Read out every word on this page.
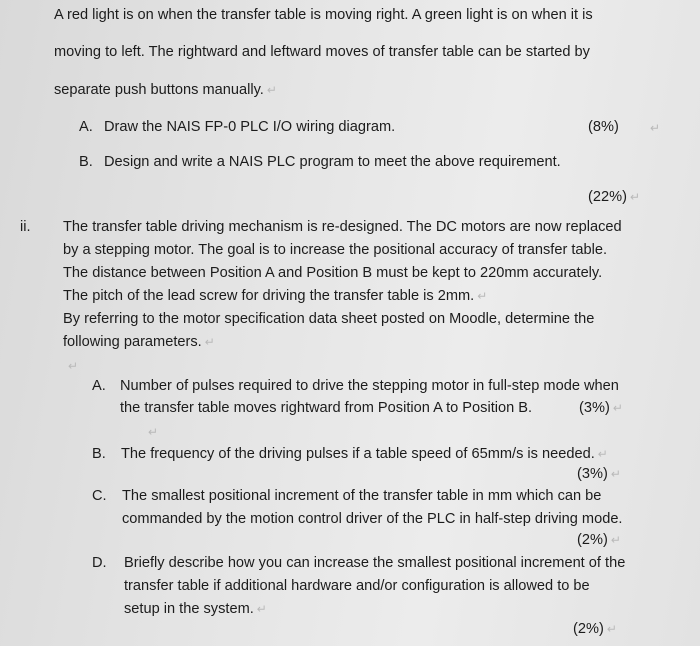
A red light is on when the transfer table is moving right. A green light is on when it is
moving to left. The rightward and leftward moves of transfer table can be started by
separate push buttons manually. ↵
A. Draw the NAIS FP-0 PLC I/O wiring diagram.	(8%)	↵
B. Design and write a NAIS PLC program to meet the above requirement.
(22%) ↵
ii. The transfer table driving mechanism is re-designed. The DC motors are now replaced
by a stepping motor. The goal is to increase the positional accuracy of transfer table.
The distance between Position A and Position B must be kept to 220mm accurately.
The pitch of the lead screw for driving the transfer table is 2mm. ↵
By referring to the motor specification data sheet posted on Moodle, determine the
following parameters. ↵
↵
A. Number of pulses required to drive the stepping motor in full-step mode when
the transfer table moves rightward from Position A to Position B.	(3%) ↵
↵
B. The frequency of the driving pulses if a table speed of 65mm/s is needed. ↵
(3%) ↵
C. The smallest positional increment of the transfer table in mm which can be
commanded by the motion control driver of the PLC in half-step driving mode.
(2%) ↵
D. Briefly describe how you can increase the smallest positional increment of the
transfer table if additional hardware and/or configuration is allowed to be
setup in the system. ↵
(2%) ↵
